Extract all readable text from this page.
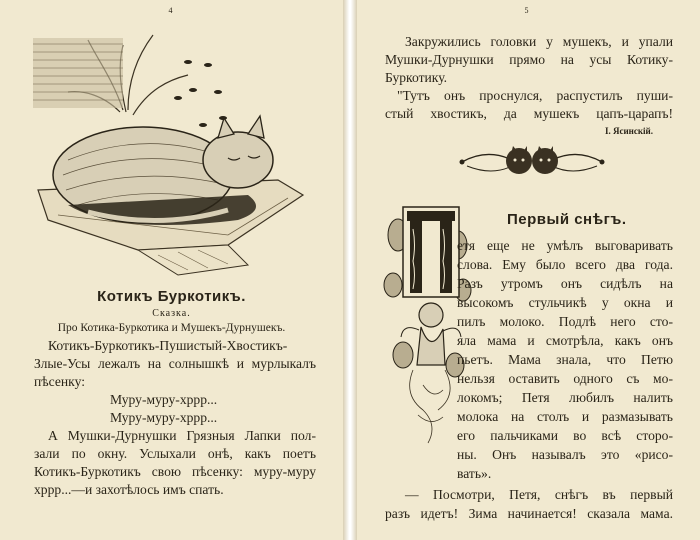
4
Котикъ Буркотикъ.
Сказка.
Про Котика-Буркотика и Мушекъ-Дурнушекъ.
Котикъ-Буркотикъ-Пушистый-Хвостикъ-
Злые-Усы лежалъ на солнышкѣ и мурлыкалъ
пѣсенку:
Муру-муру-хррр...
Муру-муру-хррр...
А Мушки-Дурнушки Грязныя Лапки пол-
зали по окну. Услыхали онѣ, какъ поетъ
Котикъ-Буркотикъ свою пѣсенку: муру-муру
хррр...—и захотѣлось имъ спать.
5
Закружились головки у мушекъ, и упали
Мушки-Дурнушки прямо на усы Котику-
Буркотику.
"Тутъ онъ проснулся, распустилъ пуши-
стый хвостикъ, да мушекъ цапъ-царапъ!
І. Ясинскій.
Первый снѣгъ.
етя еще не умѣлъ выговаривать
слова. Ему было всего два года.
Разъ утромъ онъ сидѣлъ на
высокомъ стульчикѣ у окна и
пилъ молоко. Подлѣ него сто-
яла мама и смотрѣла, какъ онъ
пьетъ. Мама знала, что Петю
нельзя оставить одного съ мо-
локомъ; Петя любилъ налить
молока на столъ и размазывать
его пальчиками во всѣ сторо-
ны. Онъ называлъ это «рисо-
вать».
— Посмотри, Петя, снѣгъ въ первый
разъ идетъ! Зима начинается! сказала мама.
